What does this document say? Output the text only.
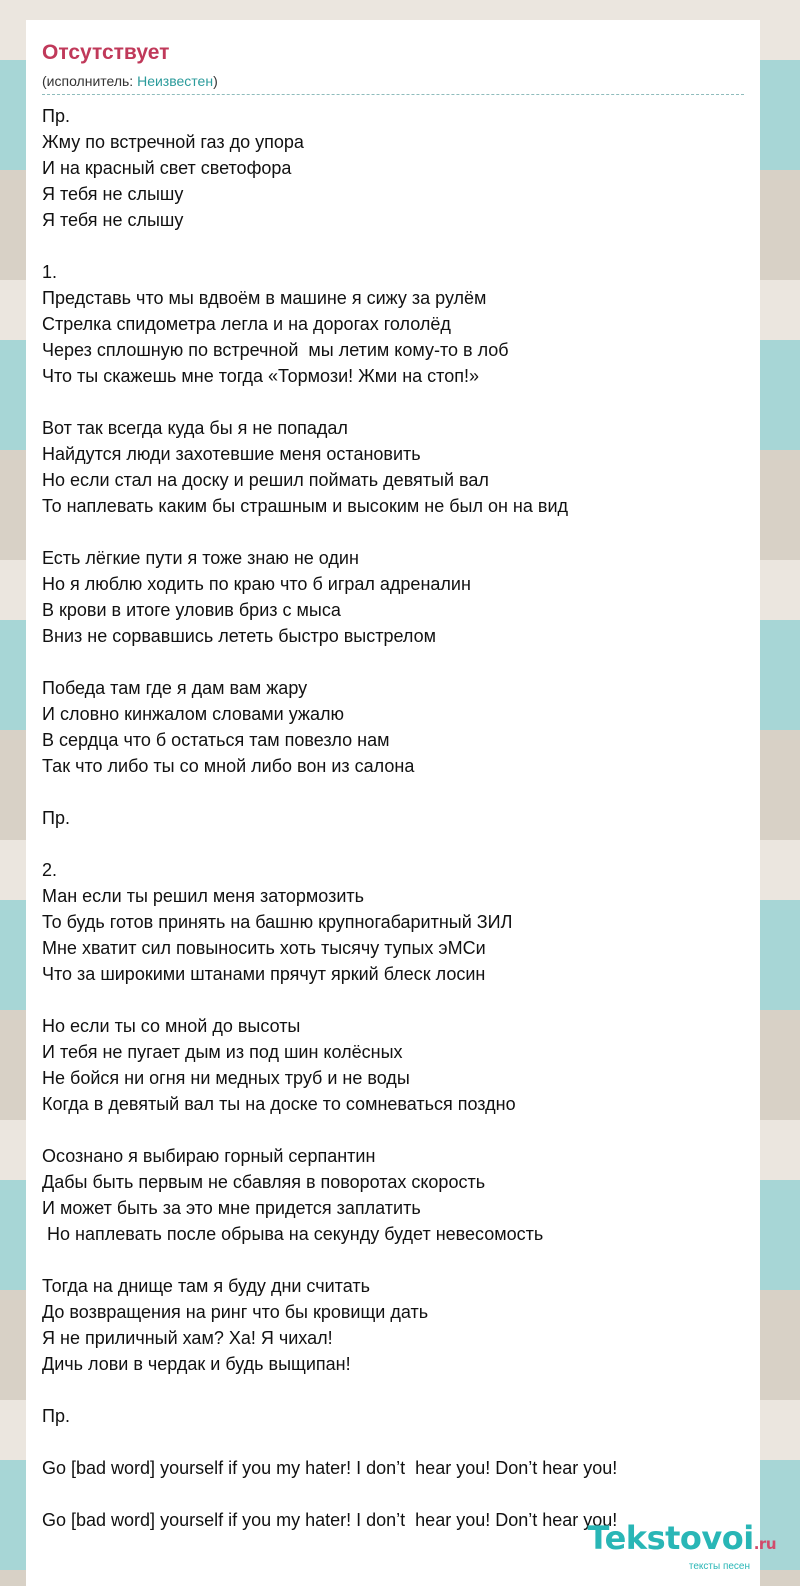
Отсутствует
(исполнитель: Неизвестен)
Пр.
Жму по встречной газ до упора
И на красный свет светофора
Я тебя не слышу
Я тебя не слышу

1.
Представь что мы вдвоём в машине я сижу за рулём
Стрелка спидометра легла и на дорогах гололёд
Через сплошную по встречной  мы летим кому-то в лоб
Что ты скажешь мне тогда «Тормози! Жми на стоп!»

Вот так всегда куда бы я не попадал
Найдутся люди захотевшие меня остановить
Но если стал на доску и решил поймать девятый вал
То наплевать каким бы страшным и высоким не был он на вид

Есть лёгкие пути я тоже знаю не один
Но я люблю ходить по краю что б играл адреналин
В крови в итоге уловив бриз с мыса
Вниз не сорвавшись лететь быстро выстрелом

Победа там где я дам вам жару
И словно кинжалом словами ужалю
В сердца что б остаться там повезло нам
Так что либо ты со мной либо вон из салона

Пр.

2.
Ман если ты решил меня затормозить
То будь готов принять на башню крупногабаритный ЗИЛ
Мне хватит сил повыносить хоть тысячу тупых эМСи
Что за широкими штанами прячут яркий блеск лосин

Но если ты со мной до высоты
И тебя не пугает дым из под шин колёсных
Не бойся ни огня ни медных труб и не воды
Когда в девятый вал ты на доске то сомневаться поздно

Осознано я выбираю горный серпантин
Дабы быть первым не сбавляя в поворотах скорость
И может быть за это мне придется заплатить
Но наплевать после обрыва на секунду будет невесомость

Тогда на днище там я буду дни считать
До возвращения на ринг что бы кровищи дать
Я не приличный хам? Ха! Я чихал!
Дичь лови в чердак и будь выщипан!

Пр.

Go [bad word] yourself if you my hater! I don’t  hear you! Don’t hear you!

Go [bad word] yourself if you my hater! I don’t  hear you! Don’t hear you!
Tekstovoi.ru
тексты песен
